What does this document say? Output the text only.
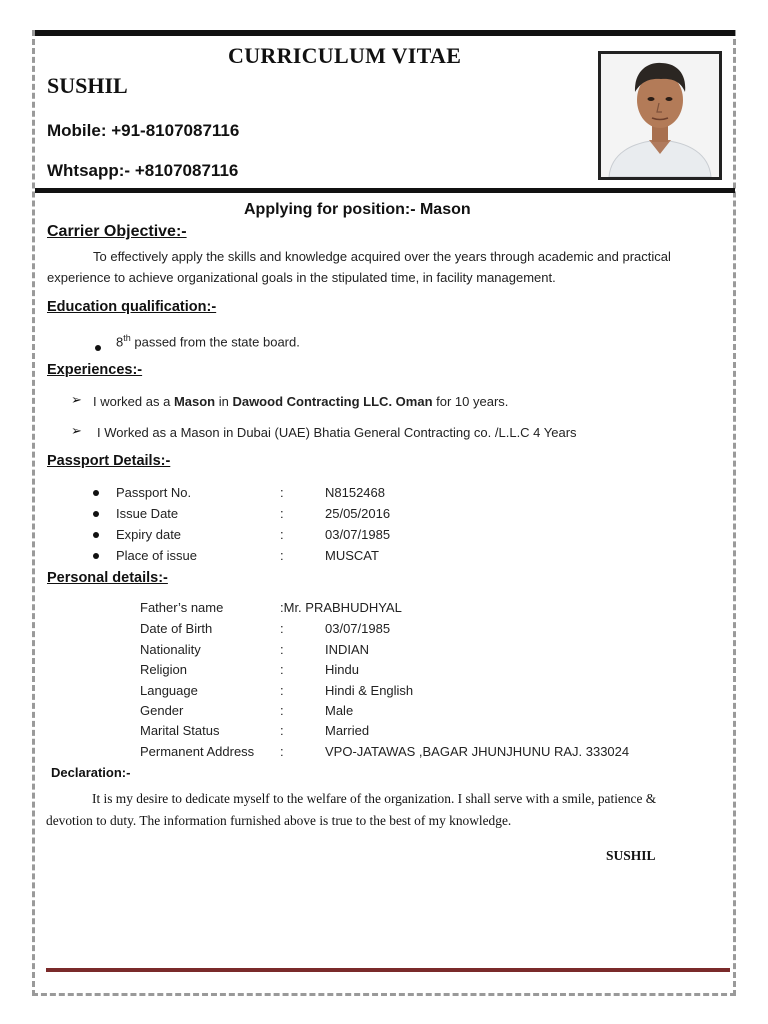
CURRICULUM VITAE
SUSHIL
Mobile: +91-8107087116
Whtsapp:- +8107087116
Applying for position:- Mason
Carrier Objective:-
To effectively apply the skills and knowledge acquired over the years through academic and practical experience to achieve organizational goals in the stipulated time, in facility management.
Education qualification:-
8th passed from the state board.
Experiences:-
➢ I worked as a Mason in Dawood Contracting LLC. Oman for 10 years.
➢ I Worked as a Mason in Dubai (UAE) Bhatia General Contracting co. /L.L.C 4 Years
Passport Details:-
Passport No.	:	N8152468
Issue Date	:	25/05/2016
Expiry date	:	03/07/1985
Place of issue	:	MUSCAT
Personal details:-
Father’s name	:Mr. PRABHUDHYAL
Date of Birth	:	03/07/1985
Nationality	:	INDIAN
Religion	:	Hindu
Language	:	Hindi & English
Gender	:	Male
Marital Status	:	Married
Permanent Address :	VPO-JATAWAS ,BAGAR JHUNJHUNU RAJ. 333024
Declaration:-
It is my desire to dedicate myself to the welfare of the organization. I shall serve with a smile, patience & devotion to duty. The information furnished above is true to the best of my knowledge.
SUSHIL
